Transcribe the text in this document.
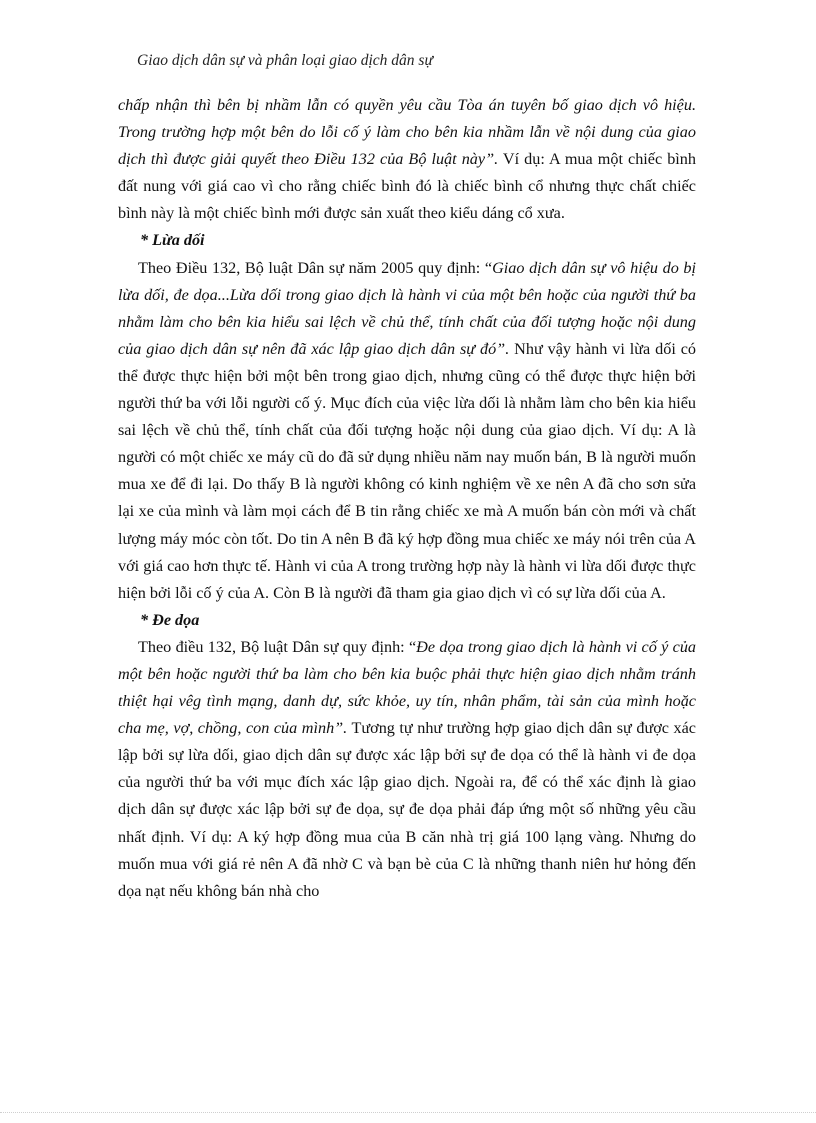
Giao dịch dân sự và phân loại giao dịch dân sự

chấp nhận thì bên bị nhầm lẫn có quyền yêu cầu Tòa án tuyên bố giao dịch vô hiệu. Trong trường hợp một bên do lỗi cố ý làm cho bên kia nhầm lẫn về nội dung của giao dịch thì được giải quyết theo Điều 132 của Bộ luật này”. Ví dụ: A mua một chiếc bình đất nung với giá cao vì cho rằng chiếc bình đó là chiếc bình cổ nhưng thực chất chiếc bình này là một chiếc bình mới được sản xuất theo kiểu dáng cổ xưa.

* Lừa dối

Theo Điều 132, Bộ luật Dân sự năm 2005 quy định: “Giao dịch dân sự vô hiệu do bị lừa dối, đe dọa...Lừa dối trong giao dịch là hành vi của một bên hoặc của người thứ ba nhằm làm cho bên kia hiểu sai lệch về chủ thể, tính chất của đối tượng hoặc nội dung của giao dịch dân sự nên đã xác lập giao dịch dân sự đó”. Như vậy hành vi lừa dối có thể được thực hiện bởi một bên trong giao dịch, nhưng cũng có thể được thực hiện bởi người thứ ba với lỗi người cố ý. Mục đích của việc lừa dối là nhằm làm cho bên kia hiểu sai lệch về chủ thể, tính chất của đối tượng hoặc nội dung của giao dịch. Ví dụ: A là người có một chiếc xe máy cũ do đã sử dụng nhiều năm nay muốn bán, B là người muốn mua xe để đi lại. Do thấy B là người không có kinh nghiệm về xe nên A đã cho sơn sửa lại xe của mình và làm mọi cách để B tin rằng chiếc xe mà A muốn bán còn mới và chất lượng máy móc còn tốt. Do tin A nên B đã ký hợp đồng mua chiếc xe máy nói trên của A với giá cao hơn thực tế. Hành vi của A trong trường hợp này là hành vi lừa dối được thực hiện bởi lỗi cố ý của A. Còn B là người đã tham gia giao dịch vì có sự lừa dối của A.

* Đe dọa

Theo điều 132, Bộ luật Dân sự quy định: “Đe dọa trong giao dịch là hành vi cố ý của một bên hoặc người thứ ba làm cho bên kia buộc phải thực hiện giao dịch nhằm tránh thiệt hại vêg tình mạng, danh dự, sức khỏe, uy tín, nhân phẩm, tài sản của mình hoặc cha mẹ, vợ, chồng, con của mình”. Tương tự như trường hợp giao dịch dân sự được xác lập bởi sự lừa dối, giao dịch dân sự được xác lập bởi sự đe dọa có thể là hành vi đe dọa của người thứ ba với mục đích xác lập giao dịch. Ngoài ra, để có thể xác định là giao dịch dân sự được xác lập bởi sự đe dọa, sự đe dọa phải đáp ứng một số những yêu cầu nhất định. Ví dụ: A ký hợp đồng mua của B căn nhà trị giá 100 lạng vàng. Nhưng do muốn mua với giá rẻ nên A đã nhờ C và bạn bè của C là những thanh niên hư hỏng đến dọa nạt nếu không bán nhà cho
